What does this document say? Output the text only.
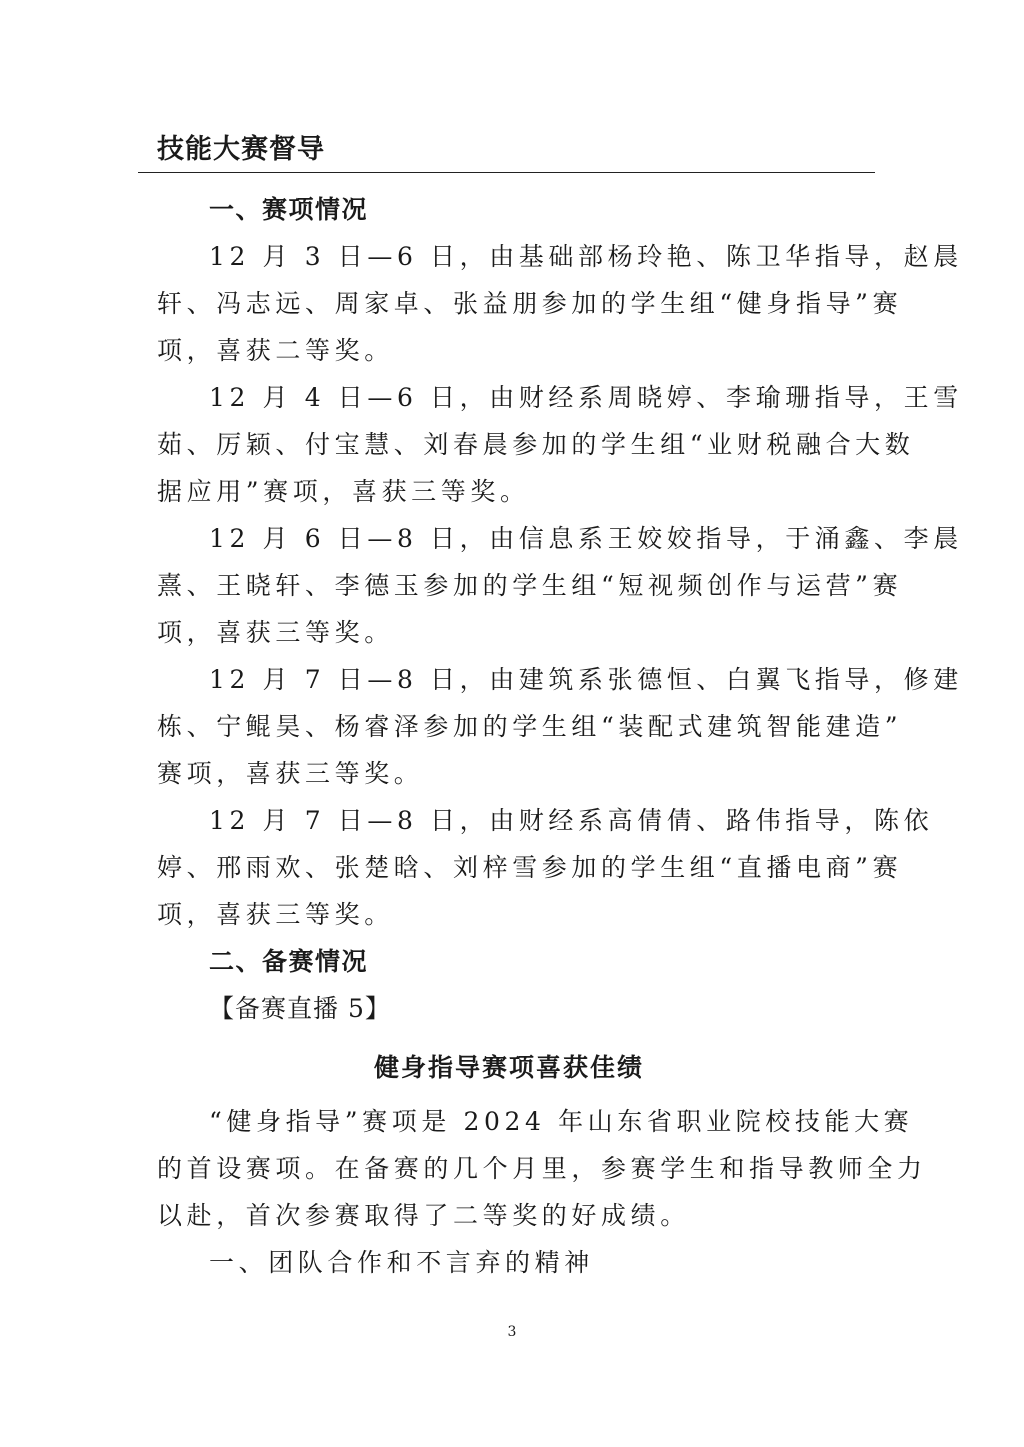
技能大赛督导
一、赛项情况
12 月 3 日—6 日，由基础部杨玲艳、陈卫华指导，赵晨
轩、冯志远、周家卓、张益朋参加的学生组“健身指导”赛
项，喜获二等奖。
12 月 4 日—6 日，由财经系周晓婷、李瑜珊指导，王雪
茹、厉颖、付宝慧、刘春晨参加的学生组“业财税融合大数
据应用”赛项，喜获三等奖。
12 月 6 日—8 日，由信息系王姣姣指导，于涌鑫、李晨
熹、王晓轩、李德玉参加的学生组“短视频创作与运营”赛
项，喜获三等奖。
12 月 7 日—8 日，由建筑系张德恒、白翼飞指导，修建
栋、宁鲲昊、杨睿泽参加的学生组“装配式建筑智能建造”
赛项，喜获三等奖。
12 月 7 日—8 日，由财经系高倩倩、路伟指导，陈依
婷、邢雨欢、张楚晗、刘梓雪参加的学生组“直播电商”赛
项，喜获三等奖。
二、备赛情况
【备赛直播 5】
健身指导赛项喜获佳绩
“健身指导”赛项是 2024 年山东省职业院校技能大赛
的首设赛项。在备赛的几个月里，参赛学生和指导教师全力
以赴，首次参赛取得了二等奖的好成绩。
一、团队合作和不言弃的精神
3
